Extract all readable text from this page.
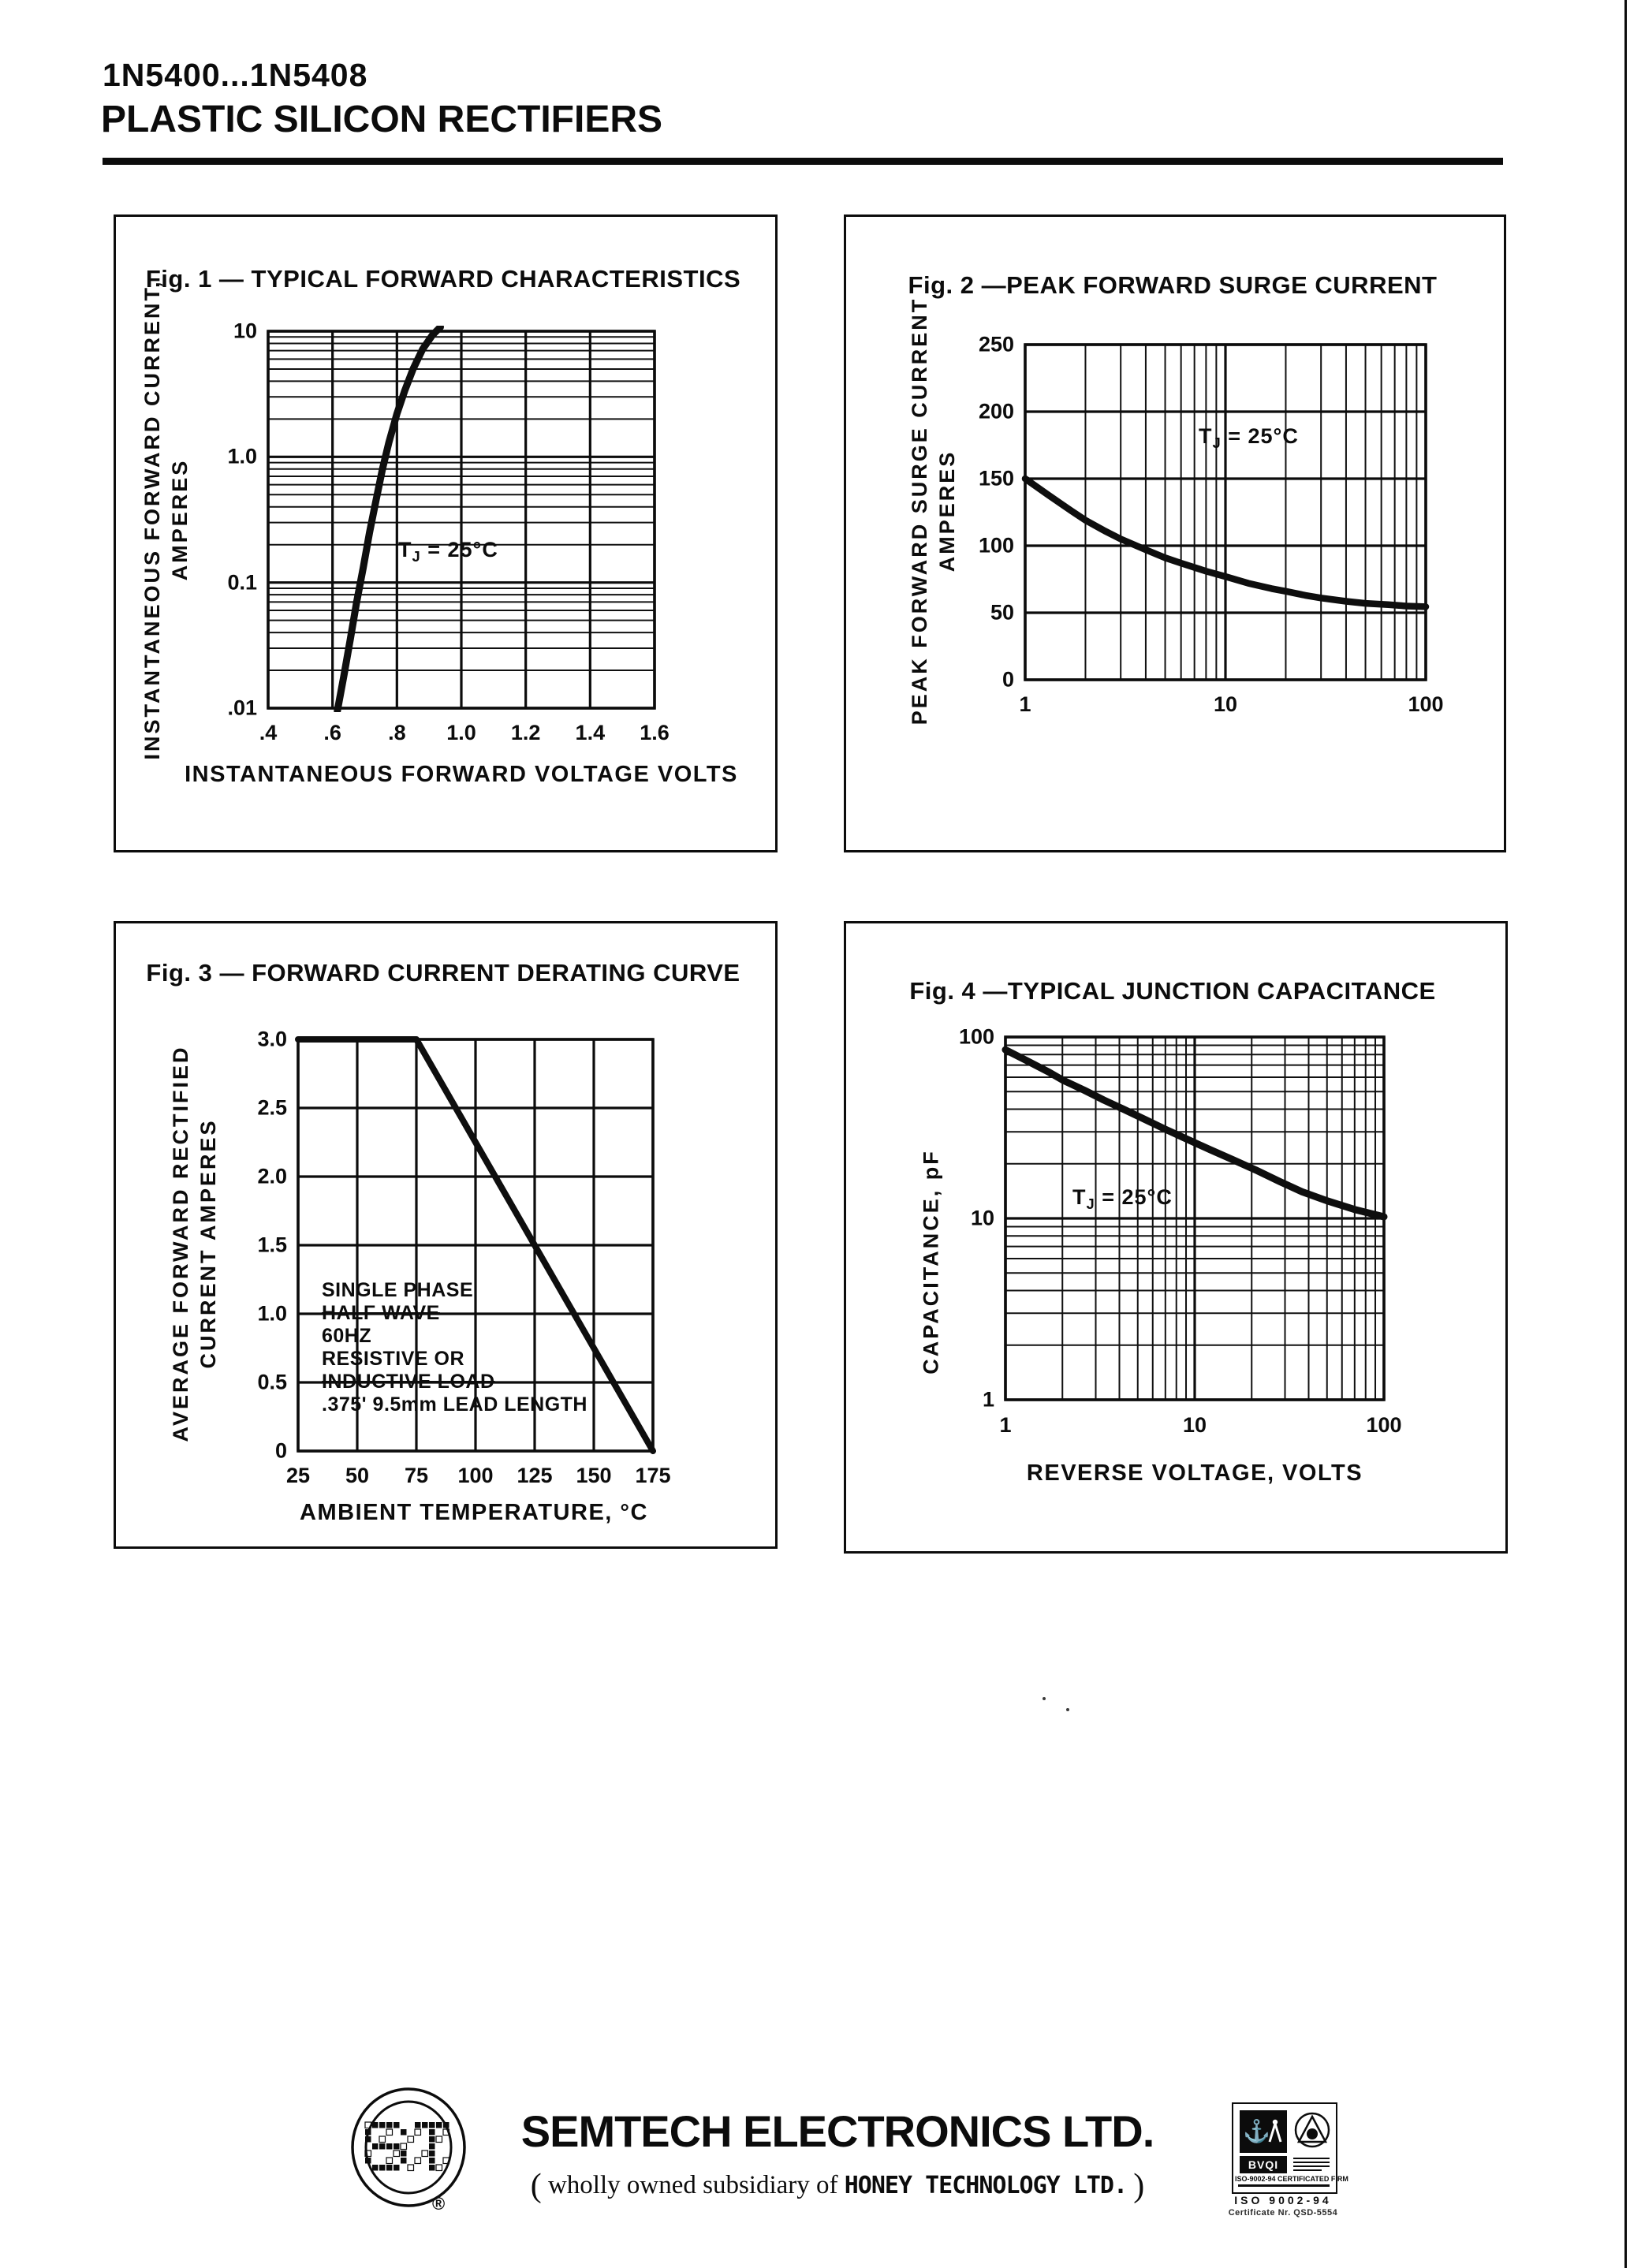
1N5400...1N5408
PLASTIC SILICON RECTIFIERS
Fig. 1 — TYPICAL FORWARD CHARACTERISTICS
.4 .6 .8 1.0 1.2 1.4 1.6
10
1.0
0.1
.01
INSTANTANEOUS FORWARD VOLTAGE VOLTS
INSTANTANEOUS FORWARD CURRENT, AMPERES	$T_J = 25^\circ C$
Fig. 2 —PEAK FORWARD SURGE CURRENT
1	10	100
250
200
150
100
50
0
PEAK FORWARD SURGE CURRENT AMPERES
$T_J = 25^\circ C$
Fig. 3 — FORWARD CURRENT DERATING CURVE
25 50 75 100 125 150 175
3.0
2.5
2.0
1.5
1.0
0.5
0
AMBIENT TEMPERATURE, °C
AVERAGE FORWARD RECTIFIED CURRENT AMPERES	SINGLE PHASE
HALF WAVE
60HZ
RESISTIVE OR
INDUCTIVE LOAD
.375' 9.5mm LEAD LENGTH
Fig. 4 —TYPICAL JUNCTION CAPACITANCE
1	10	100
100
10
1
REVERSE VOLTAGE, VOLTS
CAPACITANCE, pF	$T_J = 25^\circ C$
®
SEMTECH ELECTRONICS LTD.
( wholly owned subsidiary of HONEY TECHNOLOGY LTD. )
⚓
BVQI
ISO-9002-94 CERTIFICATED FIRM
ISO 9002-94
Certificate Nr. QSD-5554
